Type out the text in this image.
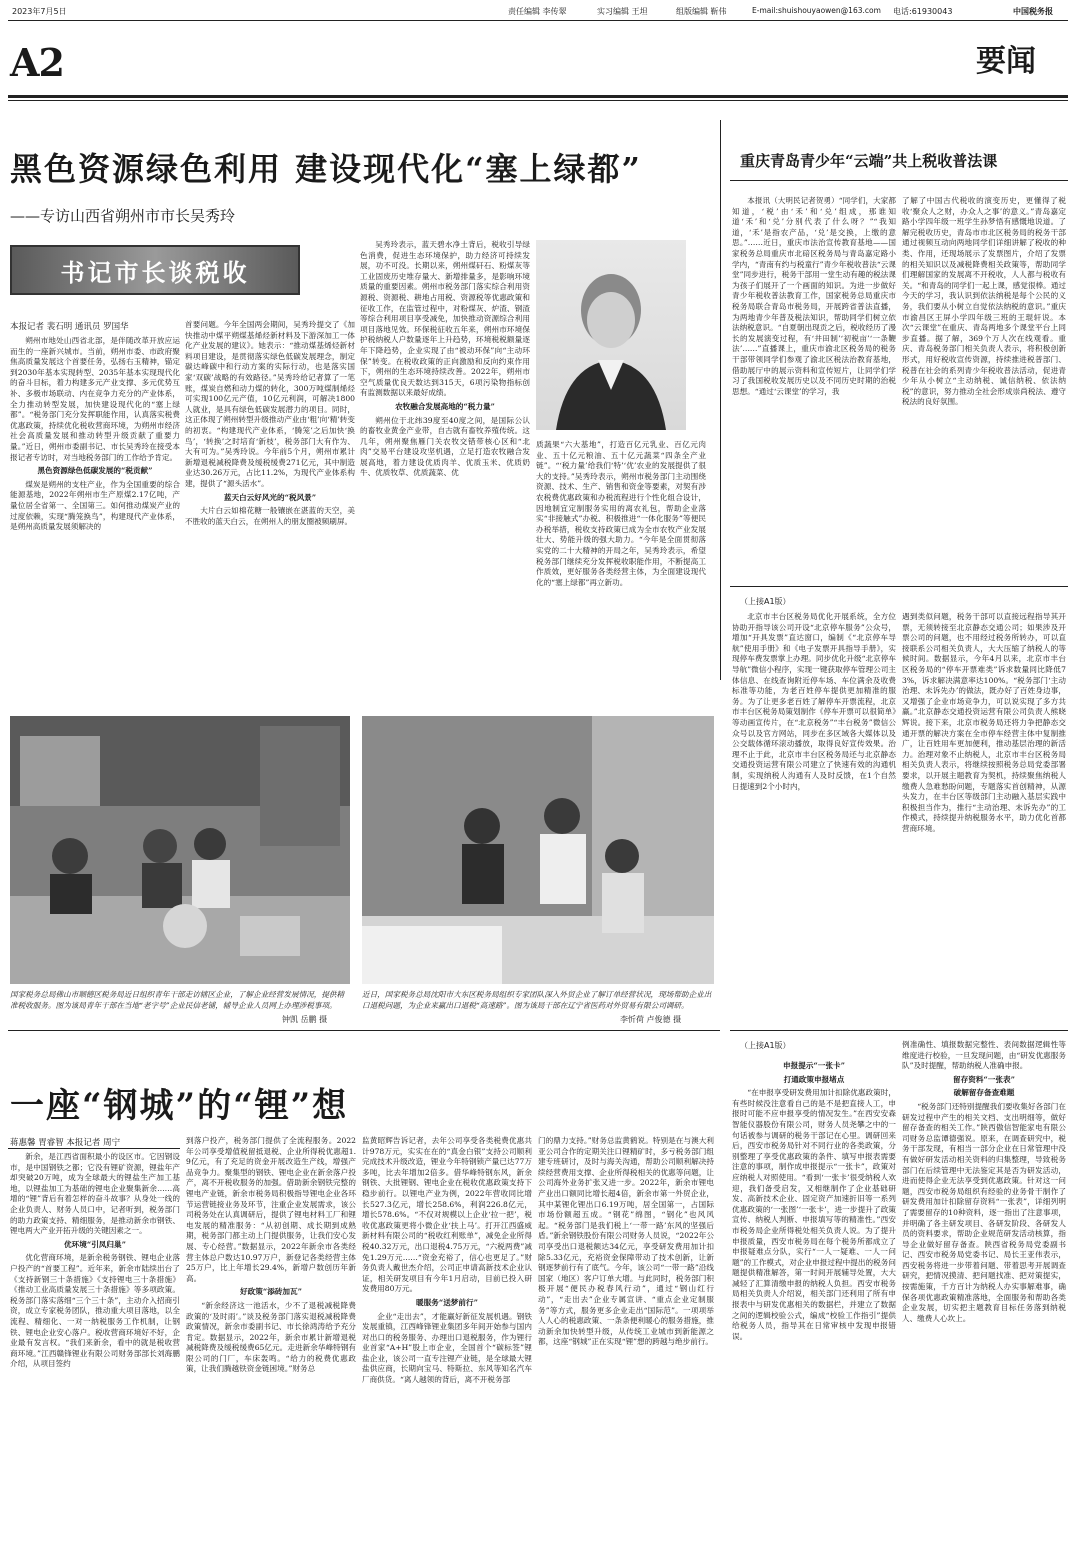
2023年7月5日	责任编辑 李传翠	实习编辑 王坦	组版编辑 靳伟	E-mail:shuishouyaowen@163.com 电话:61930043	中国税务报
A2	要闻
黑色资源绿色利用 建设现代化“塞上绿都”
——专访山西省朔州市市长吴秀玲
书记市长谈税收
本报记者 裴石明 通讯员 罗国华

朔州市地处山西省北部，是伴随改革开放应运而生的一座新兴城市。当前，朔州市委、市政府聚焦高质量发展这个首要任务，弘扬右玉精神，锚定到2030年基本实现转型、2035年基本实现现代化的奋斗目标，着力构建多元产业支撑、多元优势互补、多极市场联动、内在竞争力充分的产业体系，全力推动转型发展，加快建设现代化的“塞上绿都”。“税务部门充分发挥职能作用，认真落实税费优惠政策，持续优化税收营商环境，为朔州市经济社会高质量发展和推动转型升级贡献了重要力量。”近日，朔州市委副书记、市长吴秀玲在接受本报记者专访时，对当地税务部门的工作给予肯定。

黑色资源绿色低碳发展的“税贡献”

煤炭是朔州的支柱产业，作为全国重要的综合能源基地，2022年朔州市生产原煤2.17亿吨，产量位居全省第一、全国第三。如何推动煤炭产业的过度依赖，实现“腾笼换鸟”，构建现代产业体系，是朔州高质量发展须解决的

首要问题。今年全国两会期间，吴秀玲提交了《加快推动中煤平朔煤基烯烃新材料及下游深加工一体化产业发展的建议》。她表示：“推动煤基烯烃新材料项目建设，是贯彻落实绿色低碳发展理念，制定碳达峰碳中和行动方案的实际行动，也是落实国家‘双碳’战略的有效路径。”吴秀玲给记者算了一笔账，煤炭自燃和动力煤的转化，300万吨煤制烯烃可实现100亿元产值，10亿元利润，可解决1800人就业，是具有绿色低碳发展潜力的项目。同时，这正体现了朔州转型升级推动产业由‘粗’向‘精’转变的初衷。“构建现代产业体系，‘腾笼’之后加快‘换鸟’，‘转换’之时培育‘新枝’，税务部门大有作为、大有可为。”吴秀玲说。今年前5个月，朔州市累计新增退税减税降费及缓税缓费271亿元，其中制造业达30.26万元，占比11.2%，为现代产业体系构建，提供了“源头活水”。

蓝天白云好风光的“税风景”

大片白云如棉花糖一般镶嵌在湛蓝的天空，美不胜收的蓝天白云，在朔州人的朋友圈被频刷屏。

吴秀玲表示，蓝天碧水净土背后，税收引导绿色消费，促进生态环境保护，助力经济可持续发展，功不可没。长期以来，朔州煤矸石、粉煤灰等工业固废历史堆存量大、新增排量多，是影响环境质量的重要因素。朔州市税务部门落实综合利用资源税、资源税、耕地占用税、资源税等优惠政策和征收工作，在监管过程中，对粉煤灰、炉渣、钢渣等综合利用项目享受减免，加快推动资源综合利用项目落地见效。环保税征收五年来，朔州市环境保护税纳税人户数量逐年上升趋势，环境税税额量逐年下降趋势，企业实现了由“被动环保”向“主动环保”转变。在税收政策的正向激励和反向约束作用下，朔州的生态环境持续改善。2022年，朔州市空气质量优良天数达到315天，6项污染物指标创有监测数据以来最好成绩。

农牧融合发展高地的“税力量”

朔州位于北纬39度至40度之间，是国际公认的畜牧业黄金产业带，自古就有畜牧养殖传统。这几年，朔州聚焦雁门关农牧交错带核心区和“北肉”交易平台建设攻坚机遇，立足打造农牧融合发展高地，着力建设优质肉羊、优质玉米、优质奶牛、优质牧草、优质蔬菜、优

质蔬果“六大基地”，打造百亿元乳业、百亿元肉业、五十亿元粮油、五十亿元蔬菜“四条全产业链”。“‘税力量’给我们‘特’‘优’农业的发展提供了很大的支持。”吴秀玲表示，朔州市税务部门主动围绕资源、技术、生产、销售和资金等要素，对契有涉农税费优惠政策和办税流程进行个性化组合设计，因地制宜定制服务实用的离农礼包，帮助企业落实“非接触式”办税、积极推进“一体化服务”等便民办税举措，税收支持政策已成为全市农牧产业发展壮大、势能升级的强大助力。“今年是全面贯彻落实党的二十大精神的开局之年，吴秀玲表示，希望税务部门继续充分发挥税收职能作用，不断提高工作质效，更好服务各类经营主体，为全面建设现代化的“塞上绿都”再立新功。

重庆青岛青少年“云端”共上税收普法课

本报讯（大明民记者贺勇）“同学们，大家都知道，‘税’由‘禾’和‘兑’组成，那谁知道‘禾’和‘兑’分别代表了什么呀？”“我知道，‘禾’是指农产品，‘兑’是交换，上缴的意思。”……近日，重庆市法治宣传教育基地——国家税务总局重庆市北碚区税务局与青岛嘉定路小学内，“青南有约与税童行”青少年税收普法“云课堂”同步进行，税务干部用一堂生动有趣的税法课为孩子们展开了一个画面的知识。为进一步做好青少年税收普法教育工作，国家税务总局重庆市税务局联合青岛市税务局，开展跨省普法直播，为两地青少年普及税法知识，帮助同学们树立依法纳税意识。“自夏朝出现贡之后，税收经历了漫长的发展演变过程，有‘井田制’‘初税亩’‘一条鞭法’……”直播课上，重庆市渝北区税务局的税务干部带领同学们参观了渝北区税法治教育基地，借助展厅中的展示资料和宣传短片，让同学们学习了我国税收发展历史以及不同历史时期的治税思想。“通过‘云课堂’的学习，我

了解了中国古代税收的演变历史，更懂得了税收‘聚众人之财，办众人之事’的意义。”青岛嘉定路小学四年级一班学生孙梦悟有感慨地说道。了解完税收历史，青岛市市北区税务局的税务干部通过视频互动向两地同学们详细讲解了税收的种类、作用，还现场展示了发票图片，介绍了发票的相关知识以及减税降费相关政策等，帮助同学们理解国家的发展离不开税收，人人都与税收有关。“和青岛的同学们一起上课，感觉很棒。通过今天的学习，我认识到依法纳税是每个公民的义务，我们要从小树立自觉依法纳税的意识。”重庆市渝昌区王屏小学四年级三班的王琨轩说。本次“云课堂”在重庆、青岛两地多个课堂平台上同步直播。据了解，369个万人次在线观看。重庆、青岛税务部门相关负责人表示，将积极创新形式，用好税收宣传资源，持续推进税普部门、税普在社会的系列青少年税收普法活动，促进青少年从小树立“主动纳税、诚信纳税、依法纳税”的意识，努力推动全社会形成崇尚税法、遵守税法的良好氛围。

（上接A1版）

北京市丰台区税务局优化开展系统，全方位协助开指导该公司开设“北京停车服务”公众号，增加“开具发票”直达窗口，编制《“北京停车导航”使用手册》和《电子发票开具指导手册》，实现停车费发票掌上办理。同步优化升级“北京停车导航”微信小程序，实现一键获取停车管理公司主体信息、在线查询附近停车场、车位满余及收费标准等功能，为老百姓停车提供更加精准的服务。为了让更多老百姓了解停车开票流程，北京市丰台区税务局策划制作《停车开票可以很简单》等动画宣传片，在“北京税务”“丰台税务”微信公众号以及官方网站，同步在多区域各大媒体以及公交载体循环滚动播放，取得良好宣传效果。治理不止于此，北京市丰台区税务局还与北京静态交通投资运营有限公司建立了快速有效的沟通机制，实现纳税人沟通有人及时反馈，在1个自然日提速到2个小时内，

遇到类似问题，税务干部可以直接远程指导其开票，无须转接至北京静态交通公司；如果涉及开票公司的问题，也不用经过税务所转办，可以直接联系公司相关负责人，大大压缩了纳税人的等候时间。数据显示，今年4月以来，北京市丰台区税务局的“停车开票难类”诉求数量同比降低73%，诉求解决满意率达100%。“税务部门‘主动治理、未诉先办’的做法，既办好了百姓身边事，又增强了企业市场竞争力，可以说实现了多方共赢。”北京静态交通投资运营有限公司负责人熊晓辉说。接下来，北京市税务局还将力争把静态交通开票的解决方案在全市停车经营主体中复制推广，让百姓用车更加便利，推动基层治理的新活力。治理对象不止纳税人，北京市丰台区税务局相关负责人表示，将继续按照税务总局党委部署要求，以开展主题教育为契机，持续聚焦纳税人缴费人急难愁盼问题，专题落实首创精神，从源头发力，在丰台区等级部门主动融入基层实践中积极担当作为，推行“主动治理、未诉先办”的工作模式，持续提升纳税服务水平，助力优化首都营商环境。

国家税务总局佛山市顺德区税务局近日组织青年干部走访辖区企业，了解企业经营发展情况，提供精准税收服务。图为该局青年干部在当地“老字号”企业民信老铺，辅导企业人员网上办理涉税事项。
钟凯 岳鹏 摄
近日，国家税务总局沈阳市大东区税务局组织专家团队深入外贸企业了解订单经营状况，现场帮助企业出口退税问题，为企业来赢出口退税“高速路”。图为该局干部在辽宁省医药对外贸易有限公司调研。
李忻荷 卢俊德 摄
一座“钢城”的“锂”想
蒋惠馨 胃睿智 本报记者 周宁

新余，是江西省面积最小的设区市。它因钢设市，是中国钢铁之都；它没有锂矿资源，锂盐年产却突破20万吨，成为全球最大的锂盐生产加工基地，以锂盐加工为基础的锂电企业聚集新余……高增的“锂”背后有着怎样的奋斗故事？从身处一线的企业负责人、财务人员口中，记者听到，税务部门的助力政策支持、精细服务，是推动新余市钢铁、锂电两大产业开拓升级的关键因素之一。

优环境“引凤归巢”

优化营商环境，是新余税务钢铁、锂电企业落户投产的“首要工程”。近年来，新余市陆续出台了《支持新钢三十条措施》《支持锂电三十条措施》《推动工业高质量发展三十条措施》等多项政策。税务部门落实落细“三个三十条”，主动介入招商引资，成立专家税务团队，推动重大项目落地，以全流程、精细化、一对一纳税服务工作机制，让钢铁、锂电企业安心落户。税收营商环境好不好，企业最有发言权。“我们来新余，看中的就是税收营商环境。”江西赣锋锂业有限公司财务部部长刘海鹏介绍，从项目签约

到落户投产，税务部门提供了全流程服务。2022年公司享受增值税留抵退税、企业所得税优惠超1.9亿元，有了充足的资金开展改造生产线，增强产品竞争力。聚集型的钢铁、锂电企业在新余落户投产，离不开税收服务的加强。借助新余钢铁完整的锂电产业链，新余市税务局积极指导锂电企业各环节运营链接业务及环节，注重企业发展需求，该公司税务处在认真调研后，提供了锂电材料工厂和锂电发展的精准服务：“从初创期、成长期到成熟期，税务部门都主动上门提供服务，让我们安心发展、专心经营。”数据显示，2022年新余市各类经营主体总户数达10.97万户，新登记各类经营主体25万户，比上年增长29.4%，新增户数创历年新高。

好政策“添砖加瓦”

“新余经济这一池活水，少不了退税减税降费政策的‘及时雨’。”谈及税务部门落实退税减税降费政策情况，新余市委副书记、市长徐鸿涛给予充分肯定。数据显示，2022年，新余市累计新增退税减税降费及缓税缓费65亿元。走进新余华峰特钢有限公司的门厂，车床轰鸣。“给力的税费优惠政策，让我们腾越铁资金链困境。”财务总

监黄昭辉告诉记者，去年公司享受各类税费优惠共计978万元，实实在在的“真金白银”支持公司顺利完成技术升级改造，锂业今年特钢锁产量已达77万多吨，比去年增加2倍多。借华峰特钢东风，新余钢铁、大批锂钢、锂电企业在税收优惠政策支持下稳步前行。以锂电产业为例，2022年营收同比增长527.3亿元，增长258.6%，利润226.8亿元，增长578.6%。“不仅对规模以上企业‘拉一把’，税收优惠政策更将小微企业‘扶上马’。打开江西盛威新材料有限公司的“税收红利账单”，减免企业所得税40.32万元，出口退税4.75万元，“六税两费”减免1.29万元……“资金充裕了，信心也更足了。”财务负责人戴世杰介绍，公司正申请高新技术企业认证，相关研发项目有今年1月启动，目前已投入研发费用80万元。

暖服务“送梦前行”

企业“走出去”，才能赢好新征发展机遇。钢铁发展重镇，江西峰锋锂业集团多年间开始参与国内对出口的税务服务、办理出口退税服务，作为锂行业首家“A+H”股上市企业，全国首个“碳标签”锂盐企业，该公司一直专注锂产业链，是全球最大锂盐供应商，长期向宝马、特斯拉、东风等知名汽车厂商供货。“离人越领的背后，离不开税务部

门的鼎力支持。”财务总监黄鹤说。特别是在与澳大利亚公司合作的定期关注口锂精矿时，多亏税务部门组建专班研讨，及时与海关沟通，帮助公司顺利解决持续经营费用支撑、企业所得税相关的优惠等问题，让公司海外业务扩张又进一步。2022年，新余市锂电产业出口额同比增长超4倍，新余市第一外贸企业，其中某锂化锂出口6.19万吨，居全国第一，占国际市场份额超五成。“钢花”绵图，“钢化”也风风起。“税务部门是我们税上‘一带一路’东风的坚强后盾。”新余钢铁股份有限公司财务人员说，“2022年公司享受出口退税额达34亿元，享受研发费用加计扣除5.33亿元，充裕资金保障带动了技术创新，让新钢逐梦前行有了底气。今年，该公司“一带一路”沿线国家（地区）客户订单大增。与此同时，税务部门积极开展“便民办税春风行动”，通过“钢山红行动”，“走出去”企业专属宣讲、“重点企业定制服务”等方式，服务更多企业走出“国际范”。一项项举人人心的税惠政策、一条条便利暖心的服务措施，推动新余加快转型升级，从传统工业城市到新能源之都，这座“钢城”正在实现“锂”想的跨越与绝步前行。

（上接A1版）
申报提示“一张卡”
打通政策申报堵点

“在申报享受研发费用加计扣除优惠政策时，有些时候没注意看自己的是不是把直接人工，申报时可能不应申报享受的情况发生。”在西安安森智能仪器股份有限公司，财务人员尧攀之中的一句话被参与调研的税务干部记在心里。调研回来后，西安市税务局针对不同行业的各类政策，分别整理了享受优惠政策的条件、填写申报表需要注意的事项，制作成申报提示“一张卡”，政策对应纳税人对照使用。“看到‘一张卡’很受纳税人欢迎，我们备受启发，又相继制作了企业基础研发、高新技术企业、固定资产加速折旧等一系列优惠政策的‘一张图’‘一张卡’，进一步提升了政策宣传、纳税人判断、申报填写等的精准性。”西安市税务局企业所得税处相关负责人说。为了提升申报质量，西安市税务局在每个税务所都成立了申报疑难点分队，实行“一人一疑难、一人一问题”的工作模式，对企业申报过程中提出的税务问题提供精准解答，第一时间开展辅导处置，大大减轻了汇算清缴申报的纳税人负担。西安市税务局相关负责人介绍说，相关部门还利用了所有申报表中与研发优惠相关的数据栏，并建立了数据之间的逻辑校验公式，编成“校验工作指引”提供给税务人员，指导其在日常审核中发现申报错误。

例准确性、填报数据完整性、表间数据逻辑性等维度进行校验，一旦发现问题，由“研发优惠服务队”及时提醒，帮助纳税人准确申报。

留存资料“一张表”
破解留存备查难题

“税务部门还特别提醒我们要收集好各部门在研发过程中产生的相关文档、支出明细等，做好留存备查的相关工作。”陕西傲信智能家电有限公司财务总监谭德强说。原来，在调查研究中，税务干部发现，有相当一部分企业在日常管理中没有做好研发活动相关资料的归集整理，导致税务部门在后续管理中无法鉴定其是否为研发活动，进而使得企业无法享受到优惠政策。针对这一问题，西安市税务局组织有经验的业务骨干制作了研发费用加计扣除留存资料“一张表”，详细列明了需要留存的10种资料，逐一指出了注意事项，并明确了各主研发项目、各研发阶段、各研发人员的资料要求，帮助企业规范研发活动核算，指导企业做好留存备查。陕西省税务局党委副书记、西安市税务局党委书记、局长王亚伟表示，西安税务将进一步带着问题、带着思考开展调查研究，把情况摸清、把问题找准、把对策提实，按需施策，千方百计为纳税人办实事解难事，确保各项优惠政策精准落地，全面服务和帮助各类企业发展，切实把主题教育目标任务落到纳税人、缴费人心坎上。
